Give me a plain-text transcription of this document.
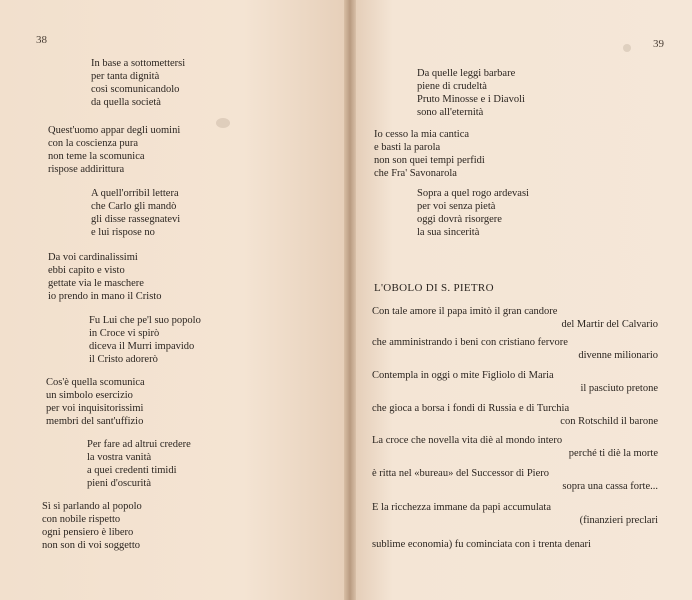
38	39
In base a sottomettersi
per tanta dignità
così scomunicandolo
da quella società
Quest'uomo appar degli uomini
con la coscienza pura
non teme la scomunica
rispose addirittura
A quell'orribil lettera
che Carlo gli mandò
gli disse rassegnatevi
e lui rispose no
Da voi cardinalissimi
ebbi capito e visto
gettate via le maschere
io prendo in mano il Cristo
Fu Lui che pe'l suo popolo
in Croce vi spirò
diceva il Murri impavido
il Cristo adorerò
Cos'è quella scomunica
un simbolo esercizio
per voi inquisitorissimi
membri del sant'uffizio
Per fare ad altrui credere
la vostra vanità
a quei credenti timidi
pieni d'oscurità
Sì sì parlando al popolo
con nobile rispetto
ogni pensiero è libero
non son di voi soggetto
Da quelle leggi barbare
piene di crudeltà
Pruto Minosse e i Diavoli
sono all'eternità
Io cesso la mia cantica
e basti la parola
non son quei tempi perfidi
che Fra' Savonarola
Sopra a quel rogo ardevasi
per voi senza pietà
oggi dovrà risorgere
la sua sincerità
L'OBOLO DI S. PIETRO
Con tale amore il papa imitò il gran candore
del Martir del Calvario
che amministrando i beni con cristiano fervore
divenne milionario
Contempla in oggi o mite Figliolo di Maria
il pasciuto pretone
che gioca a borsa i fondi di Russia e di Turchia
con Rotschild il barone
La croce che novella vita diè al mondo intero
perché ti diè la morte
è ritta nel «bureau» del Successor di Piero
sopra una cassa forte...
E la ricchezza immane da papi accumulata
(finanzieri preclari
sublime economia) fu cominciata con i trenta denari
